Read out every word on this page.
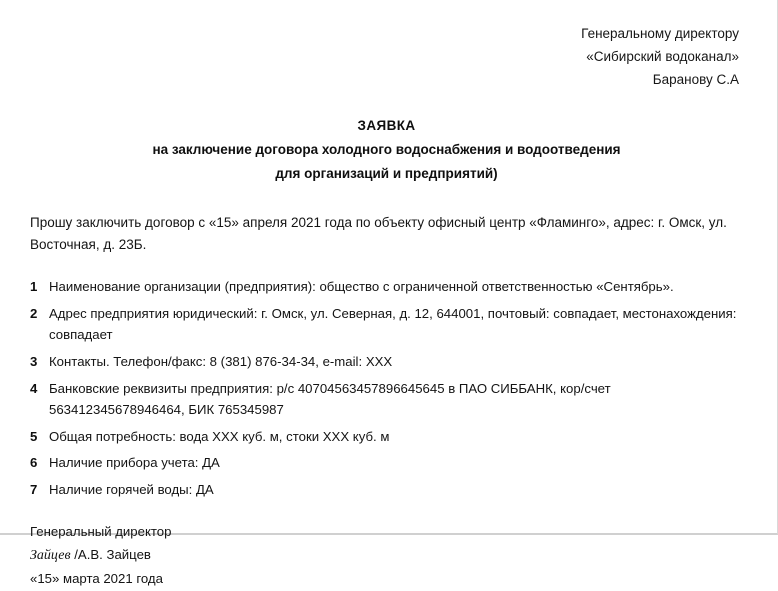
Генеральному директору
«Сибирский водоканал»
Баранову С.А
ЗАЯВКА
на заключение договора холодного водоснабжения и водоотведения
для организаций и предприятий)
Прошу заключить договор с «15» апреля 2021 года по объекту офисный центр «Фламинго», адрес: г. Омск, ул. Восточная, д. 23Б.
1 Наименование организации (предприятия): общество с ограниченной ответственностью «Сентябрь».
2 Адрес предприятия юридический: г. Омск, ул. Северная, д. 12, 644001, почтовый: совпадает, местонахождения: совпадает
3 Контакты. Телефон/факс: 8 (381) 876-34-34, e-mail: ХХХ
4 Банковские реквизиты предприятия: р/с 40704563457896645645 в ПАО СИББАНК, кор/счет 563412345678946464, БИК 765345987
5 Общая потребность: вода ХХХ куб. м, стоки ХХХ куб. м
6 Наличие прибора учета: ДА
7 Наличие горячей воды: ДА
Генеральный директор
Зайцев /А.В. Зайцев
«15» марта 2021 года
